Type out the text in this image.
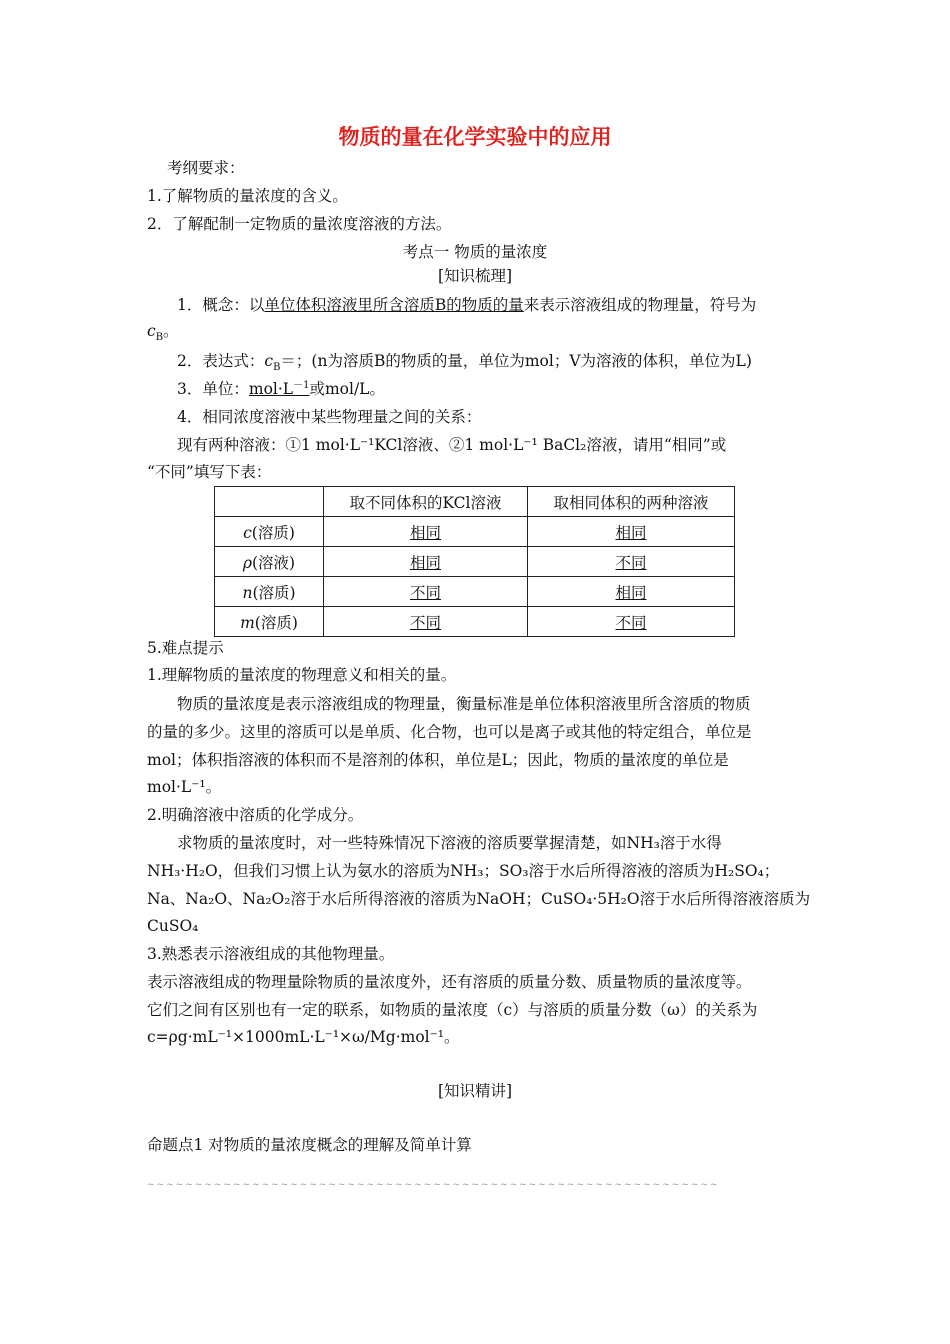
物质的量在化学实验中的应用
考纲要求：
1.了解物质的量浓度的含义。
2．了解配制一定物质的量浓度溶液的方法。
考点一 物质的量浓度
[知识梳理]
1．概念：以单位体积溶液里所含溶质B的物质的量来表示溶液组成的物理量，符号为
$c_B$。
2．表达式：$c_B=$；(n为溶质B的物质的量，单位为mol；V为溶液的体积，单位为L)
3．单位：$mol\cdot L^{-1}$或mol/L。
4．相同浓度溶液中某些物理量之间的关系：
现有两种溶液：①1 mol·L⁻¹KCl溶液、②1 mol·L⁻¹ BaCl₂溶液，请用“相同”或
“不同”填写下表：
	取不同体积的KCl溶液	取相同体积的两种溶液
c(溶质)	相同	相同
ρ(溶液)	相同	不同
n(溶质)	不同	相同
m(溶质)	不同	不同
5.难点提示
1.理解物质的量浓度的物理意义和相关的量。
物质的量浓度是表示溶液组成的物理量，衡量标准是单位体积溶液里所含溶质的物质
的量的多少。这里的溶质可以是单质、化合物，也可以是离子或其他的特定组合，单位是
mol；体积指溶液的体积而不是溶剂的体积，单位是L；因此，物质的量浓度的单位是
mol·L⁻¹。
2.明确溶液中溶质的化学成分。
求物质的量浓度时，对一些特殊情况下溶液的溶质要掌握清楚，如NH₃溶于水得
NH₃·H₂O，但我们习惯上认为氨水的溶质为NH₃；SO₃溶于水后所得溶液的溶质为H₂SO₄；
Na、Na₂O、Na₂O₂溶于水后所得溶液的溶质为NaOH；CuSO₄·5H₂O溶于水后所得溶液溶质为
CuSO₄
3.熟悉表示溶液组成的其他物理量。
表示溶液组成的物理量除物质的量浓度外，还有溶质的质量分数、质量物质的量浓度等。
它们之间有区别也有一定的联系，如物质的量浓度（c）与溶质的质量分数（ω）的关系为
c=ρg·mL⁻¹×1000mL·L⁻¹×ω/Mg·mol⁻¹。
[知识精讲]
命题点1 对物质的量浓度概念的理解及简单计算
~~~~~~~~~~~~~~~~~~~~~~~~~~~~~~~~~~~~~~~~~~~~~~~~~~~~~~~~~~~~
